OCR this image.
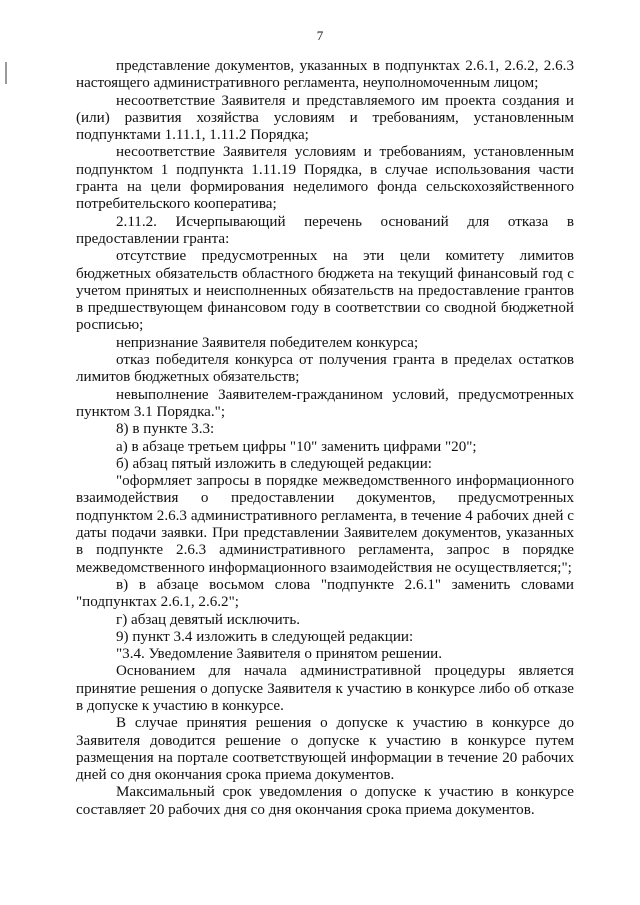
7

представление документов, указанных в подпунктах 2.6.1, 2.6.2, 2.6.3 настоящего административного регламента, неуполномоченным лицом;

несоответствие Заявителя и представляемого им проекта создания и (или) развития хозяйства условиям и требованиям, установленным подпунктами 1.11.1, 1.11.2 Порядка;

несоответствие Заявителя условиям и требованиям, установленным подпунктом 1 подпункта 1.11.19 Порядка, в случае использования части гранта на цели формирования неделимого фонда сельскохозяйственного потребительского кооператива;

2.11.2. Исчерпывающий перечень оснований для отказа в предоставлении гранта:

отсутствие предусмотренных на эти цели комитету лимитов бюджетных обязательств областного бюджета на текущий финансовый год с учетом принятых и неисполненных обязательств на предоставление грантов в предшествующем финансовом году в соответствии со сводной бюджетной росписью;

непризнание Заявителя победителем конкурса;

отказ победителя конкурса от получения гранта в пределах остатков лимитов бюджетных обязательств;

невыполнение Заявителем-гражданином условий, предусмотренных пунктом 3.1 Порядка.";

8) в пункте 3.3:

а) в абзаце третьем цифры "10" заменить цифрами "20";

б) абзац пятый изложить в следующей редакции:

"оформляет запросы в порядке межведомственного информационного взаимодействия о предоставлении документов, предусмотренных подпунктом 2.6.3 административного регламента, в течение 4 рабочих дней с даты подачи заявки. При представлении Заявителем документов, указанных в подпункте 2.6.3 административного регламента, запрос в порядке межведомственного информационного взаимодействия не осуществляется;";

в) в абзаце восьмом слова "подпункте 2.6.1" заменить словами "подпунктах 2.6.1, 2.6.2";

г) абзац девятый исключить.

9) пункт 3.4 изложить в следующей редакции:

"3.4. Уведомление Заявителя о принятом решении.

Основанием для начала административной процедуры является принятие решения о допуске Заявителя к участию в конкурсе либо об отказе в допуске к участию в конкурсе.

В случае принятия решения о допуске к участию в конкурсе до Заявителя доводится решение о допуске к участию в конкурсе путем размещения на портале соответствующей информации в течение 20 рабочих дней со дня окончания срока приема документов.

Максимальный срок уведомления о допуске к участию в конкурсе составляет 20 рабочих дня со дня окончания срока приема документов.
